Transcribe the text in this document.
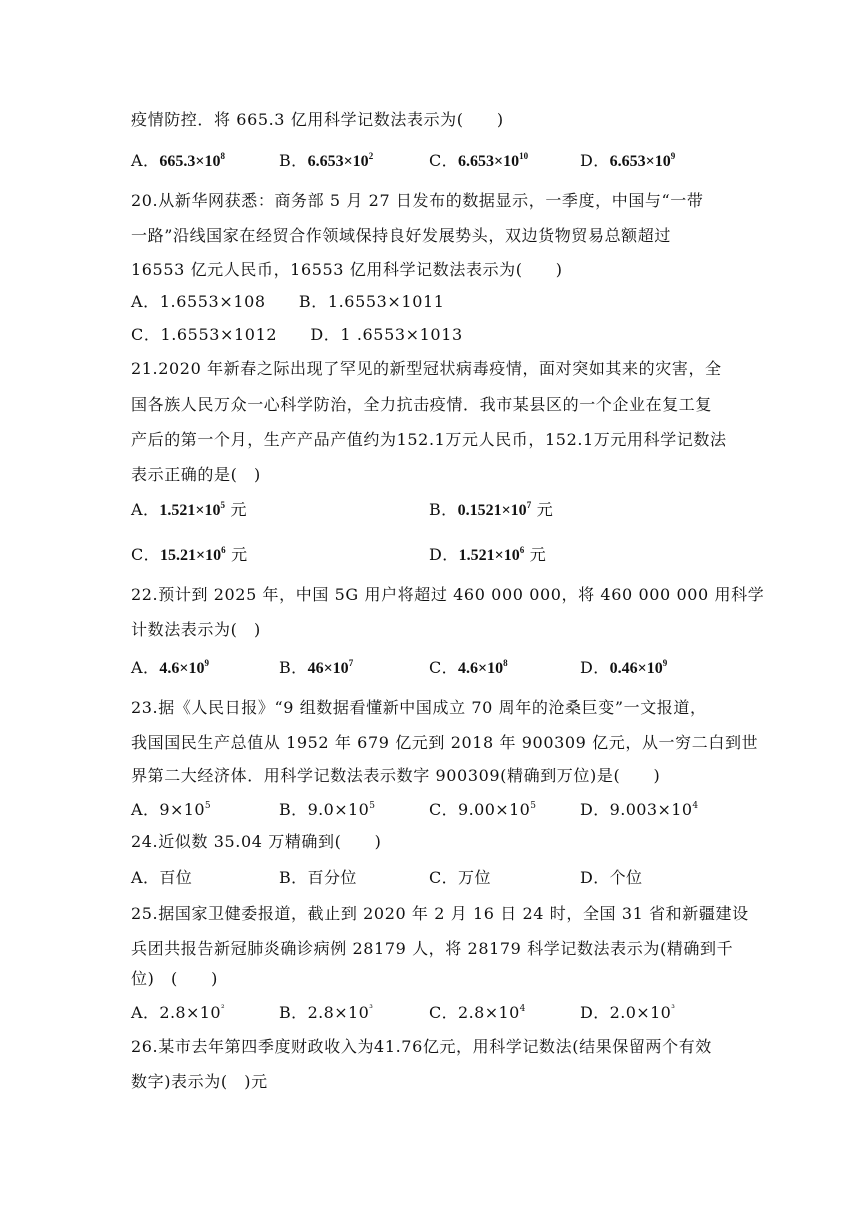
疫情防控．将 665.3 亿用科学记数法表示为(　　)
A．$665.3\times 10^8$	B．$6.653\times 10^2$	C．$6.653\times 10^{10}$	D．$6.653\times 10^9$
20.从新华网获悉：商务部 5 月 27 日发布的数据显示，一季度，中国与“一带
一路”沿线国家在经贸合作领域保持良好发展势头，双边货物贸易总额超过
16553 亿元人民币，16553 亿用科学记数法表示为(　　)
A．1.6553×108　　B．1.6553×1011
C．1.6553×1012　　D．1 .6553×1013
21.2020 年新春之际出现了罕见的新型冠状病毒疫情，面对突如其来的灾害，全
国各族人民万众一心科学防治，全力抗击疫情．我市某县区的一个企业在复工复
产后的第一个月，生产产品产值约为152.1万元人民币，152.1万元用科学记数法
表示正确的是(　)
A．$1.521\times 10^5$ 元	B．$0.1521\times 10^7$ 元
C．$15.21\times 10^6$ 元	D．$1.521\times 10^6$ 元
22.预计到 2025 年，中国 5G 用户将超过 460 000 000，将 460 000 000 用科学
计数法表示为(　)
A．$4.6\times 10^9$	B．$46\times 10^7$	C．$4.6\times 10^8$	D．$0.46\times 10^9$
23.据《人民日报》“9 组数据看懂新中国成立 70 周年的沧桑巨变”一文报道，
我国国民生产总值从 1952 年 679 亿元到 2018 年 900309 亿元，从一穷二白到世
界第二大经济体．用科学记数法表示数字 900309(精确到万位)是(　　)
A．$9\times 10^5$	B．$9.0\times 10^5$	C．$9.00\times 10^5$	D．$9.003\times 10^4$
24.近似数 35.04 万精确到(　　)
A．百位	B．百分位	C．万位	D．个位
25.据国家卫健委报道，截止到 2020 年 2 月 16 日 24 时，全国 31 省和新疆建设
兵团共报告新冠肺炎确诊病例 28179 人，将 28179 科学记数法表示为(精确到千
位)　(　　)
A．$2.8\times 10^{^2}$	B．$2.8\times 10^{^3}$	C．$2.8\times 10^4$	D．$2.0\times 10^{^3}$
26.某市去年第四季度财政收入为41.76亿元，用科学记数法(结果保留两个有效
数字)表示为(　)元
